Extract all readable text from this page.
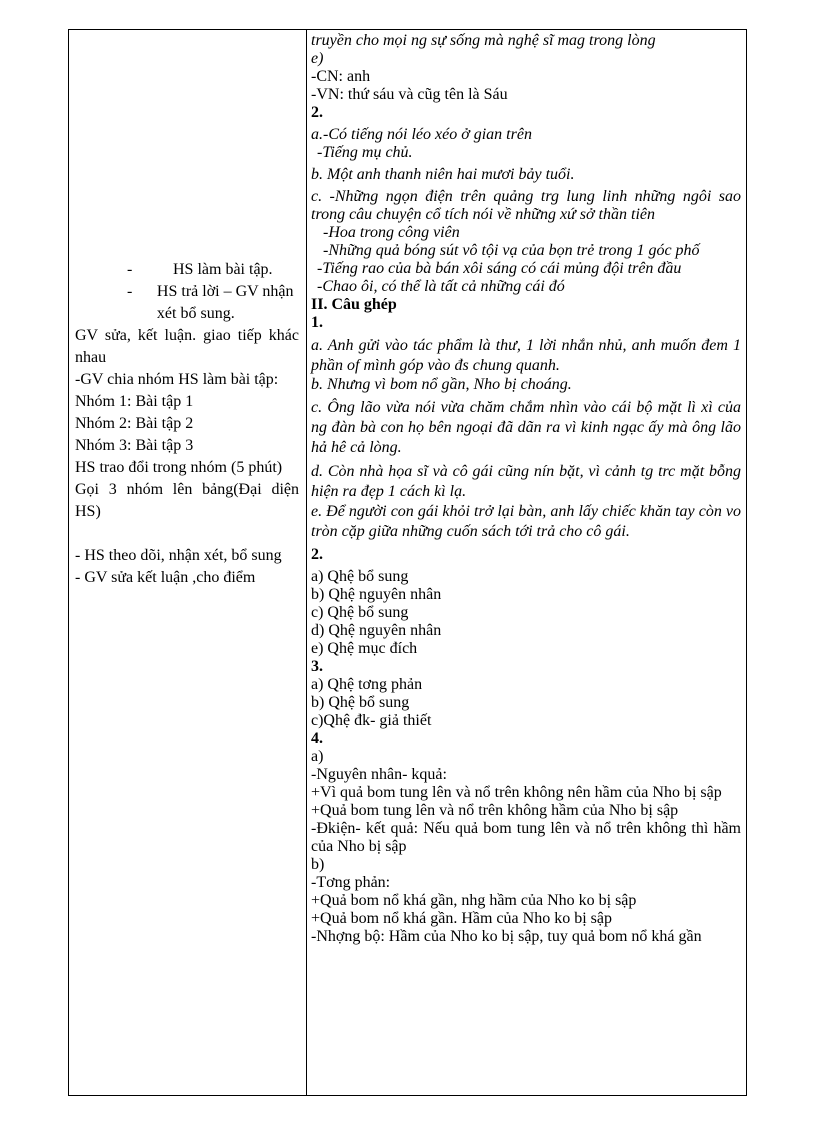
-	HS làm bài tập.
-	HS trả lời – GV nhận xét bổ sung.

GV sửa, kết luận. giao tiếp khác nhau

-GV chia nhóm HS làm bài tập:

Nhóm 1: Bài tập 1

Nhóm 2: Bài tập 2

Nhóm 3: Bài tập 3

HS trao đổi trong nhóm (5 phút)

Gọi 3 nhóm lên bảng(Đại diện HS)

- HS theo dõi, nhận xét, bổ sung

- GV sửa kết luận ,cho điểm

truyền cho mọi ng sự sống mà nghệ sĩ mag trong lòng

e)

-CN: anh

-VN: thứ sáu và cũg tên là Sáu

2.

a.-Có tiếng nói léo xéo ở gian trên

-Tiếng mụ chủ.

b. Một anh thanh niên hai mươi bảy tuổi.

c. -Những ngọn điện trên quảng trg lung linh những ngôi sao trong câu chuyện cổ tích nói về những xứ sở thần tiên

-Hoa trong công viên

-Những quả bóng sút vô tội vạ của bọn trẻ trong 1 góc phố

-Tiếng rao của bà bán xôi sáng có cái mủng đội trên đầu

-Chao ôi, có thể là tất cả những cái đó

II. Câu ghép

1.

a. Anh gửi vào tác phẩm là thư, 1 lời nhắn nhủ, anh muốn đem 1 phần of mình góp vào đs chung quanh.

b. Nhưng vì bom nổ gần, Nho bị choáng.

c. Ông lão vừa nói vừa chăm chắm nhìn vào cái bộ mặt lì xì của ng đàn bà con họ bên ngoại đã dãn ra vì kinh ngạc ấy mà ông lão hả hê cả lòng.

d. Còn nhà họa sĩ và cô gái cũng nín bặt, vì cảnh tg trc mặt bỗng hiện ra đẹp 1 cách kì lạ.

e. Để người con gái khỏi trở lại bàn, anh lấy chiếc khăn tay còn vo tròn cặp giữa những cuốn sách tới trả cho cô gái.

2.

a) Qhệ bổ sung

b) Qhệ nguyên nhân

c) Qhệ bổ sung

d) Qhệ nguyên nhân

e) Qhệ mục đích

3.

a) Qhệ tơng phản

b) Qhệ bổ sung

c)Qhệ đk- giả thiết

4.

a)

-Nguyên nhân- kquả:

+Vì quả bom tung lên và nổ trên không nên hầm của Nho bị sập

+Quả bom tung lên và nổ trên không hầm của Nho bị sập

-Đkiện- kết quả: Nếu quả bom tung lên và nổ trên không thì hầm của Nho bị sập

b)

-Tơng phản:

+Quả bom nổ khá gần, nhg hầm của Nho ko bị sập

+Quả bom nổ khá gần. Hầm của Nho ko bị sập

-Nhợng bộ: Hầm của Nho ko bị sập, tuy quả bom nổ khá gần
